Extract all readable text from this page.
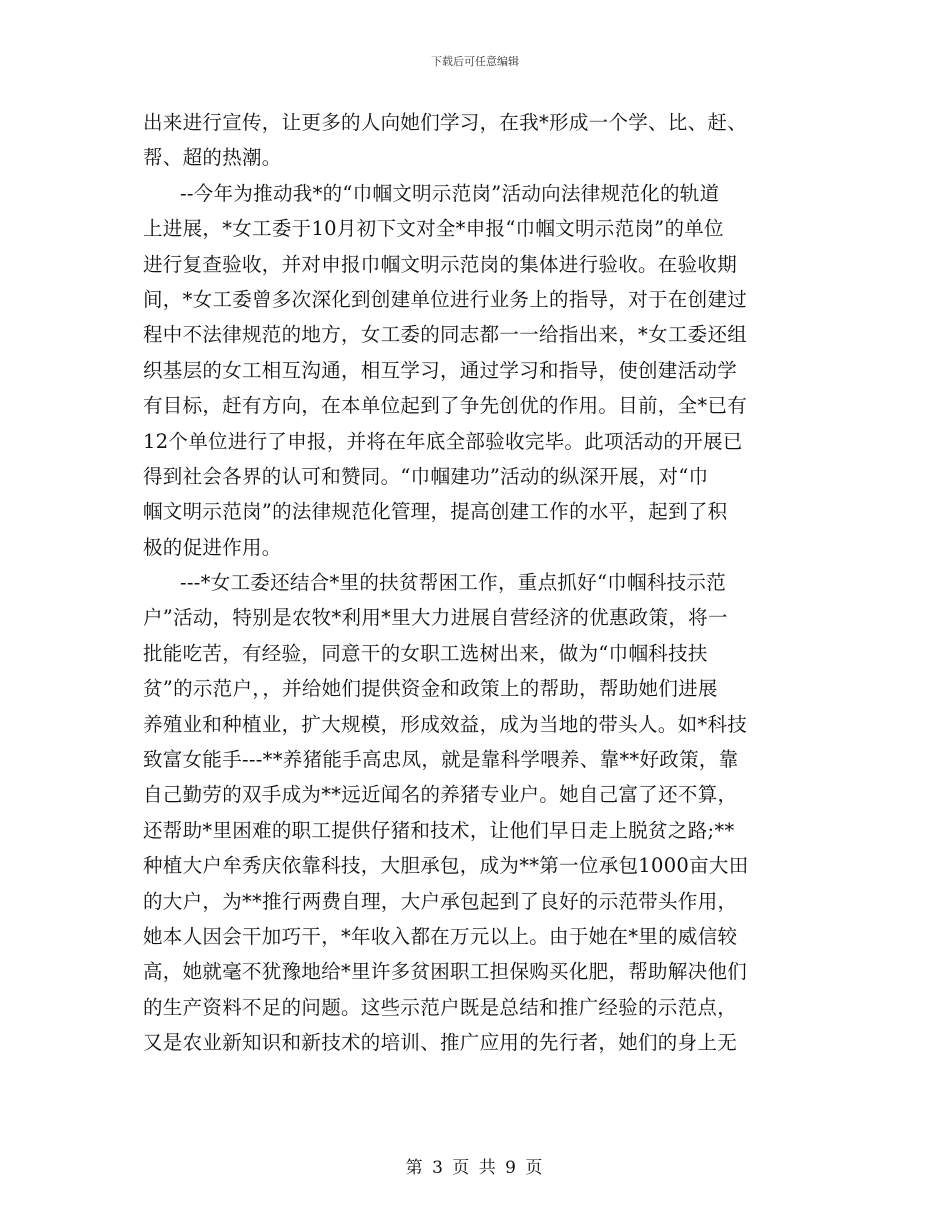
下载后可任意编辑
出来进行宣传，让更多的人向她们学习，在我*形成一个学、比、赶、
帮、超的热潮。
--今年为推动我*的“巾帼文明示范岗”活动向法律规范化的轨道
上进展，*女工委于10月初下文对全*申报“巾帼文明示范岗”的单位
进行复查验收，并对申报巾帼文明示范岗的集体进行验收。在验收期
间，*女工委曾多次深化到创建单位进行业务上的指导，对于在创建过
程中不法律规范的地方，女工委的同志都一一给指出来，*女工委还组
织基层的女工相互沟通，相互学习，通过学习和指导，使创建活动学
有目标，赶有方向，在本单位起到了争先创优的作用。目前，全*已有
12个单位进行了申报，并将在年底全部验收完毕。此项活动的开展已
得到社会各界的认可和赞同。“巾帼建功”活动的纵深开展，对“巾
帼文明示范岗”的法律规范化管理，提高创建工作的水平，起到了积
极的促进作用。
---*女工委还结合*里的扶贫帮困工作，重点抓好“巾帼科技示范
户”活动，特别是农牧*利用*里大力进展自营经济的优惠政策，将一
批能吃苦，有经验，同意干的女职工选树出来，做为“巾帼科技扶
贫”的示范户，，并给她们提供资金和政策上的帮助，帮助她们进展
养殖业和种植业，扩大规模，形成效益，成为当地的带头人。如*科技
致富女能手---**养猪能手高忠凤，就是靠科学喂养、靠**好政策，靠
自己勤劳的双手成为**远近闻名的养猪专业户。她自己富了还不算，
还帮助*里困难的职工提供仔猪和技术，让他们早日走上脱贫之路;**
种植大户牟秀庆依靠科技，大胆承包，成为**第一位承包1000亩大田
的大户，为**推行两费自理，大户承包起到了良好的示范带头作用，
她本人因会干加巧干，*年收入都在万元以上。由于她在*里的威信较
高，她就毫不犹豫地给*里许多贫困职工担保购买化肥，帮助解决他们
的生产资料不足的问题。这些示范户既是总结和推广经验的示范点，
又是农业新知识和新技术的培训、推广应用的先行者，她们的身上无
第 3 页 共 9 页
